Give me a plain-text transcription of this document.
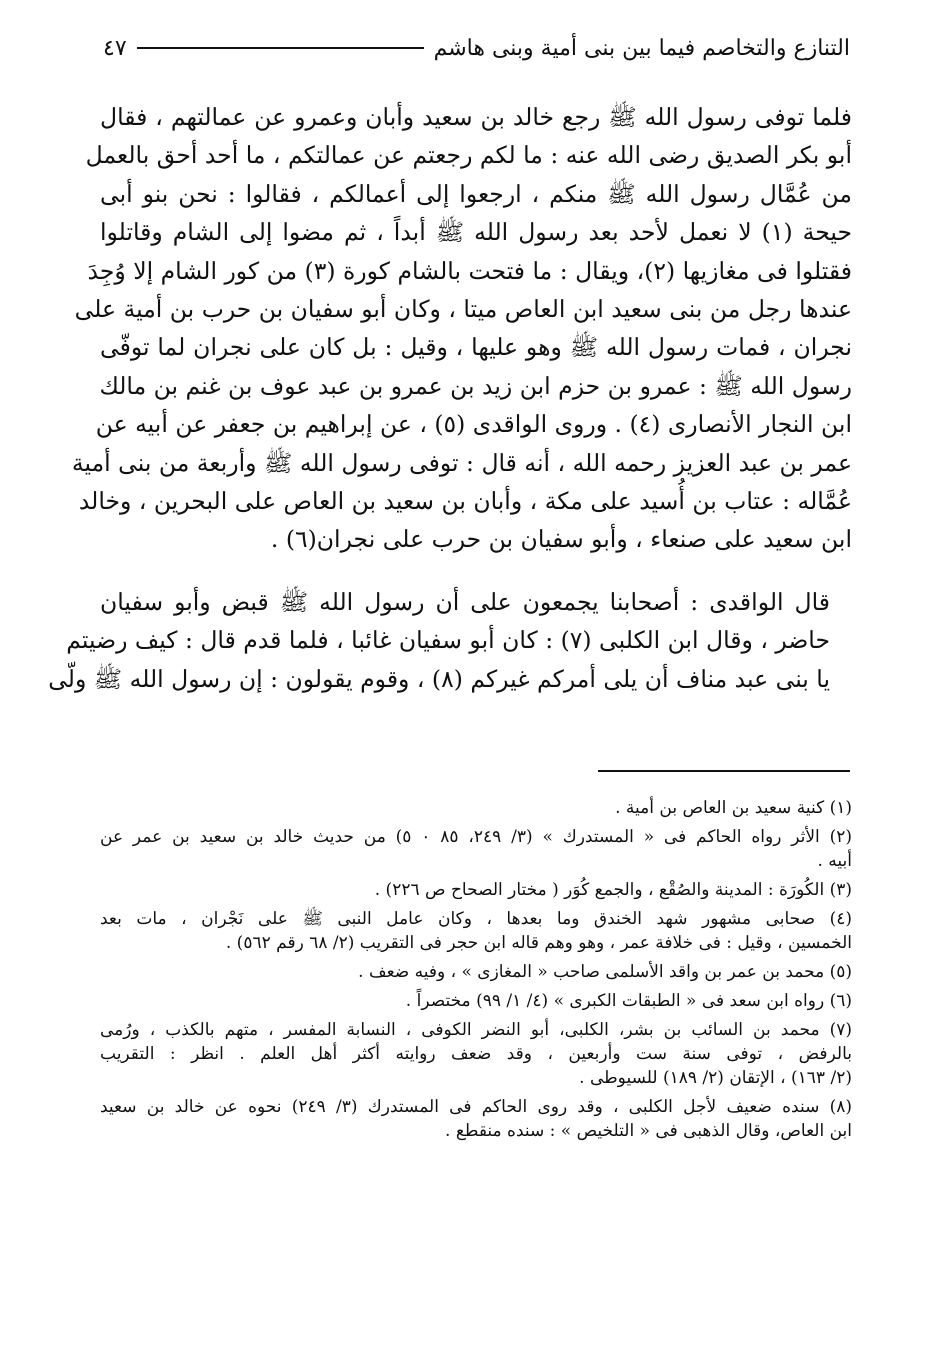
التنازع والتخاصم فيما بين بنى أمية وبنى هاشم
٤٧

فلما توفى رسول الله ﷺ رجع خالد بن سعيد وأبان وعمرو عن عمالتهم ، فقال
أبو بكر الصديق رضى الله عنه : ما لكم رجعتم عن عمالتكم ، ما أحد أحق بالعمل
من عُمَّال رسول الله ﷺ منكم ، ارجعوا إلى أعمالكم ، فقالوا : نحن بنو أبى
حيحة (١) لا نعمل لأحد بعد رسول الله ﷺ أبداً ، ثم مضوا إلى الشام وقاتلوا
فقتلوا فى مغازيها (٢)، ويقال : ما فتحت بالشام كورة (٣) من كور الشام إلا وُجِدَ
عندها رجل من بنى سعيد ابن العاص ميتا ، وكان أبو سفيان بن حرب بن أمية على
نجران ، فمات رسول الله ﷺ وهو عليها ، وقيل : بل كان على نجران لما توفّى
رسول الله ﷺ : عمرو بن حزم ابن زيد بن عمرو بن عبد عوف بن غنم بن مالك
ابن النجار الأنصارى (٤) . وروى الواقدى (٥) ، عن إبراهيم بن جعفر عن أبيه عن
عمر بن عبد العزيز رحمه الله ، أنه قال : توفى رسول الله ﷺ وأربعة من بنى أمية
عُمَّاله : عتاب بن أُسيد على مكة ، وأبان بن سعيد بن العاص على البحرين ، وخالد
ابن سعيد على صنعاء ، وأبو سفيان بن حرب على نجران(٦) .

قال الواقدى : أصحابنا يجمعون على أن رسول الله ﷺ قبض وأبو سفيان
حاضر ، وقال ابن الكلبى (٧) : كان أبو سفيان غائبا ، فلما قدم قال : كيف رضيتم
يا بنى عبد مناف أن يلى أمركم غيركم (٨) ، وقوم يقولون : إن رسول الله ﷺ ولّى

(١) كنية سعيد بن العاص بن أمية .
(٢) الأثر رواه الحاكم فى « المستدرك » (٣/ ٢٤٩، ٨٥ ٠ ٥) من حديث خالد بن سعيد بن عمر عن
أبيه .
(٣) الكُورَة : المدينة والصُقْع ، والجمع كُوَر ( مختار الصحاح ص ٢٢٦) .
(٤) صحابى مشهور شهد الخندق وما بعدها ، وكان عامل النبى ﷺ على نَجْران ، مات بعد
الخمسين ، وقيل : فى خلافة عمر ، وهو وهم قاله ابن حجر فى التقريب (٢/ ٦٨ رقم ٥٦٢) .
(٥) محمد بن عمر بن واقد الأسلمى صاحب « المغازى » ، وفيه ضعف .
(٦) رواه ابن سعد فى « الطبقات الكبرى » (٤/ ١/ ٩٩) مختصراً .
(٧) محمد بن السائب بن بشر، الكلبى، أبو النضر الكوفى ، النسابة المفسر ، متهم بالكذب ، ورُمى
بالرفض ، توفى سنة ست وأربعين ، وقد ضعف روايته أكثر أهل العلم . انظر : التقريب
(٢/ ١٦٣) ، الإتقان (٢/ ١٨٩) للسيوطى .
(٨) سنده ضعيف لأجل الكلبى ، وقد روى الحاكم فى المستدرك (٣/ ٢٤٩) نحوه عن خالد بن سعيد
ابن العاص، وقال الذهبى فى « التلخيص » : سنده منقطع .
